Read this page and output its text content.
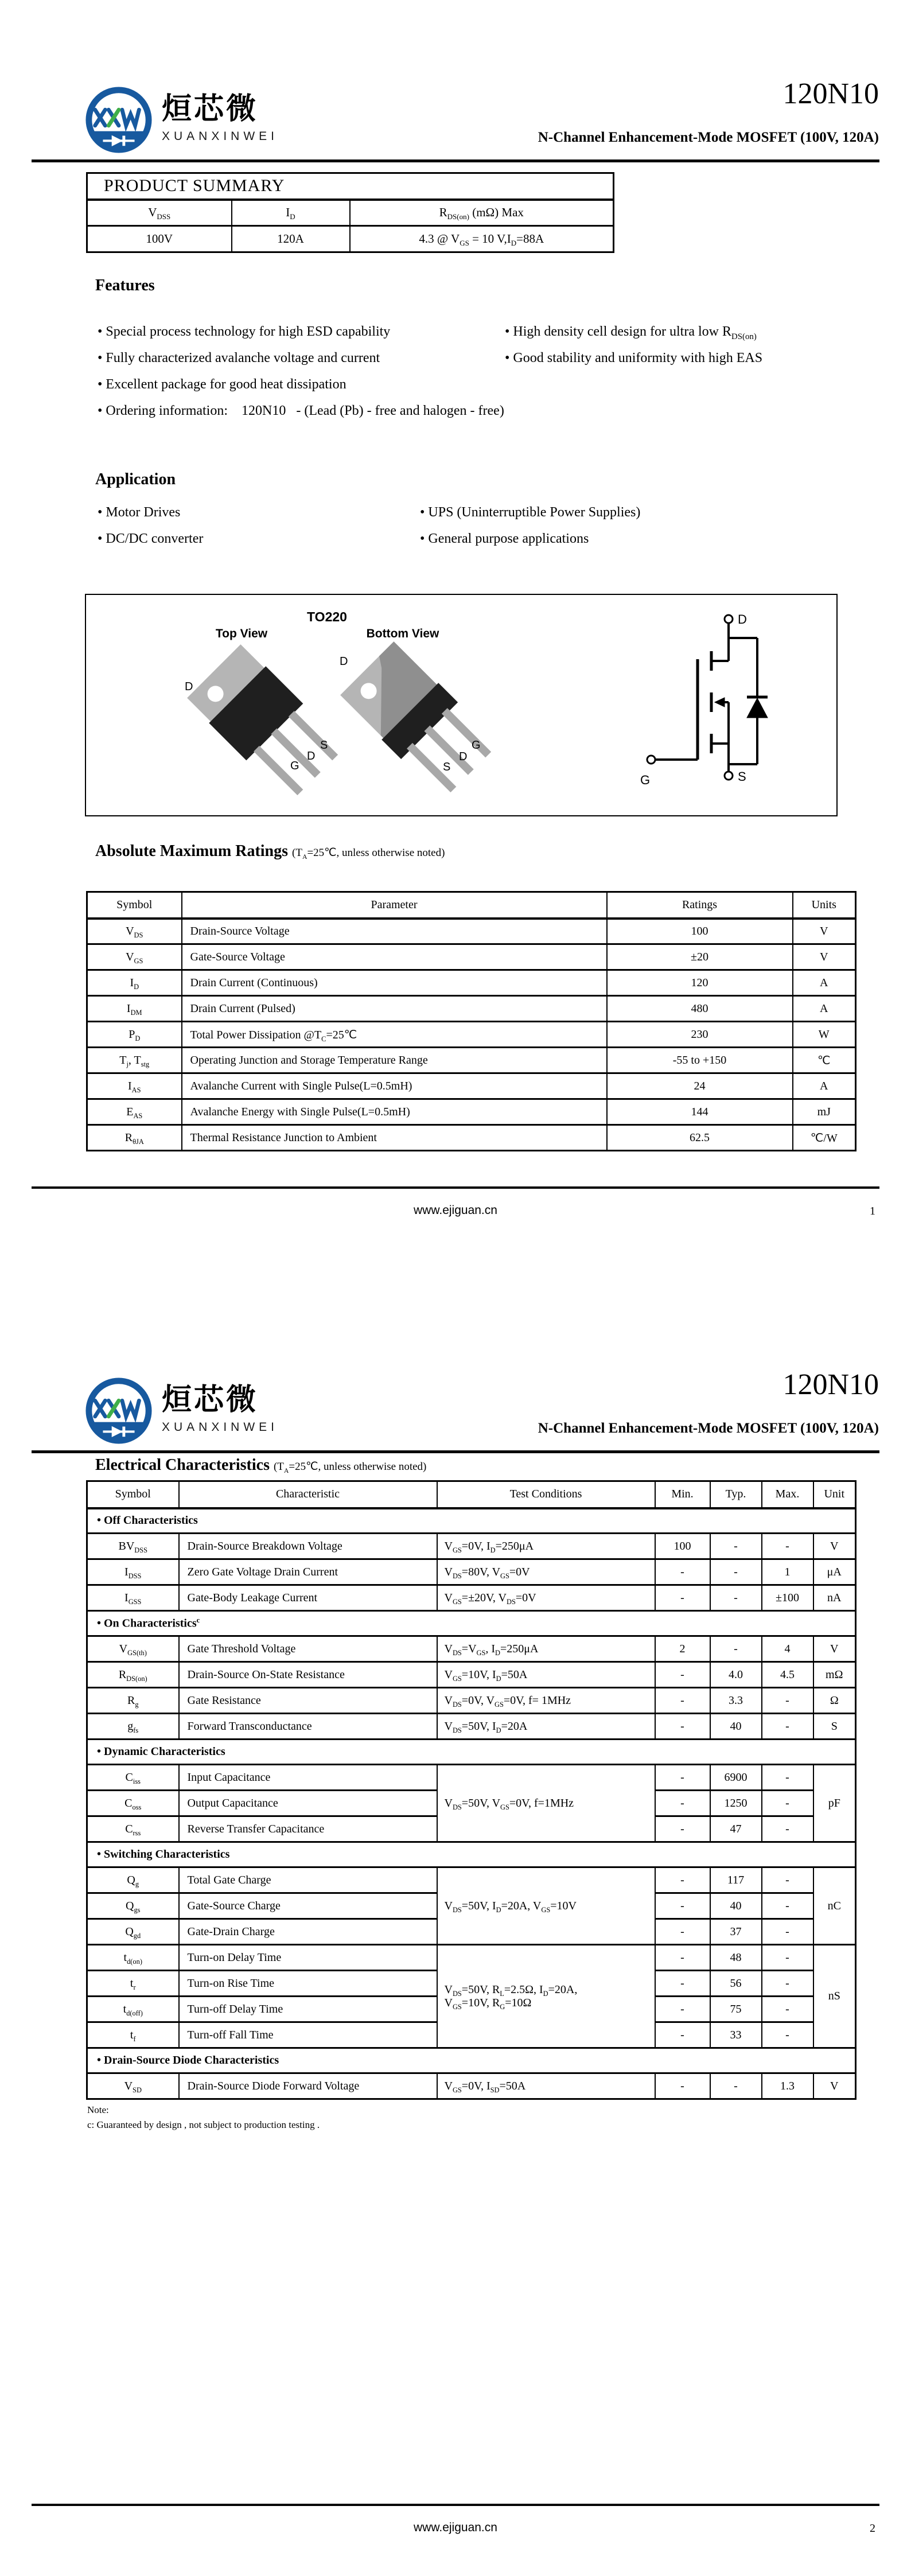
烜芯微
XUANXINWEI
120N10
N-Channel Enhancement-Mode MOSFET (100V, 120A)
PRODUCT SUMMARY		
$V_{DSS}$	$I_D$	$R_{DS(on)}$ (mΩ) Max
100V	120A	4.3 @ $V_{GS} = 10$ $V,I_D=88A$
Features
• Special process technology for high ESD capability
• Fully characterized avalanche voltage and current
• Excellent package for good heat dissipation
• Ordering information:    120N10   - (Lead (Pb) - free and halogen - free)
• High density cell design for ultra low $R_{DS(on)}$
• Good stability and uniformity with high EAS
Application
• Motor Drives
• DC/DC converter
• UPS (Uninterruptible Power Supplies)
• General purpose applications
TO220
Top View	Bottom View
D
G
D
S
D
S
D
G
D
G	S
Absolute Maximum Ratings ($T_A=25℃$, unless otherwise noted)
Symbol	Parameter	Ratings	Units
$V_{DS}$	Drain-Source Voltage	100	V
$V_{GS}$	Gate-Source Voltage	±20	V
$I_D$	Drain Current (Continuous)	120	A
$I_{DM}$	Drain Current (Pulsed)	480	A
$P_D$	Total Power Dissipation $@T_C=25℃$	230	W
$T_j$, $T_{stg}$	Operating Junction and Storage Temperature Range	-55 to +150	℃
$I_{AS}$	Avalanche Current with Single Pulse(L=0.5mH)	24	A
$E_{AS}$	Avalanche Energy with Single Pulse(L=0.5mH)	144	mJ
$R_{\theta JA}$	Thermal Resistance Junction to Ambient	62.5	℃/W
www.ejiguan.cn	1
烜芯微
XUANXINWEI
120N10
N-Channel Enhancement-Mode MOSFET (100V, 120A)
Electrical Characteristics ($T_A=25℃$, unless otherwise noted)
Symbol	Characteristic	Test Conditions	Min.	Typ.	Max.	Unit
• Off Characteristics						
$BV_{DSS}$	Drain-Source Breakdown Voltage	$V_{GS}=0V$, $I_D=250\mu A$	100	-	-	V
$I_{DSS}$	Zero Gate Voltage Drain Current	$V_{DS}=80V$, $V_{GS}=0V$	-	-	1	μA
$I_{GSS}$	Gate-Body Leakage Current	$V_{GS}=\pm 20V$, $V_{DS}=0V$	-	-	±100	nA
• On Characteristics$^c$
$V_{GS(th)}$	Gate Threshold Voltage	$V_{DS}=V_{GS}$, $I_D=250\mu A$	2	-	4	V
$R_{DS(on)}$	Drain-Source On-State Resistance	$V_{GS}=10V$, $I_D=50A$	-	4.0	4.5	mΩ
$R_g$	Gate Resistance	$V_{DS}=0V$, $V_{GS}=0V$, f= 1MHz	-	3.3	-	Ω
$g_{fs}$	Forward Transconductance	$V_{DS}=50V$, $I_D=20A$	-	40	-	S
• Dynamic Characteristics						
$C_{iss}$	Input Capacitance	$V_{DS}=50V$, $V_{GS}=0V$, f=1MHz	-	6900	-	pF
$C_{oss}$	Output Capacitance		-	1250	-	
$C_{rss}$	Reverse Transfer Capacitance		-	47	-	
• Switching Characteristics						
$Q_g$	Total Gate Charge	$V_{DS}=50V$, $I_D=20A$, $V_{GS}=10V$	-	117	-	nC
$Q_{gs}$	Gate-Source Charge		-	40	-	
$Q_{gd}$	Gate-Drain Charge		-	37	-	
$t_{d(on)}$	Turn-on Delay Time	$V_{DS}=50V$, $R_L=2.5\Omega$, $I_D=20A$,
$V_{GS}=10V$, $R_G=10\Omega$	-	48	-	nS
$t_r$	Turn-on Rise Time		-	56	-	
$t_{d(off)}$	Turn-off Delay Time		-	75	-	
$t_f$	Turn-off Fall Time		-	33	-	
• Drain-Source Diode Characteristics						
$V_{SD}$	Drain-Source Diode Forward Voltage	$V_{GS}=0V$, $I_{SD}=50A$	-	-	1.3	V
Note:
c: Guaranteed by design , not subject to production testing .
www.ejiguan.cn	2
